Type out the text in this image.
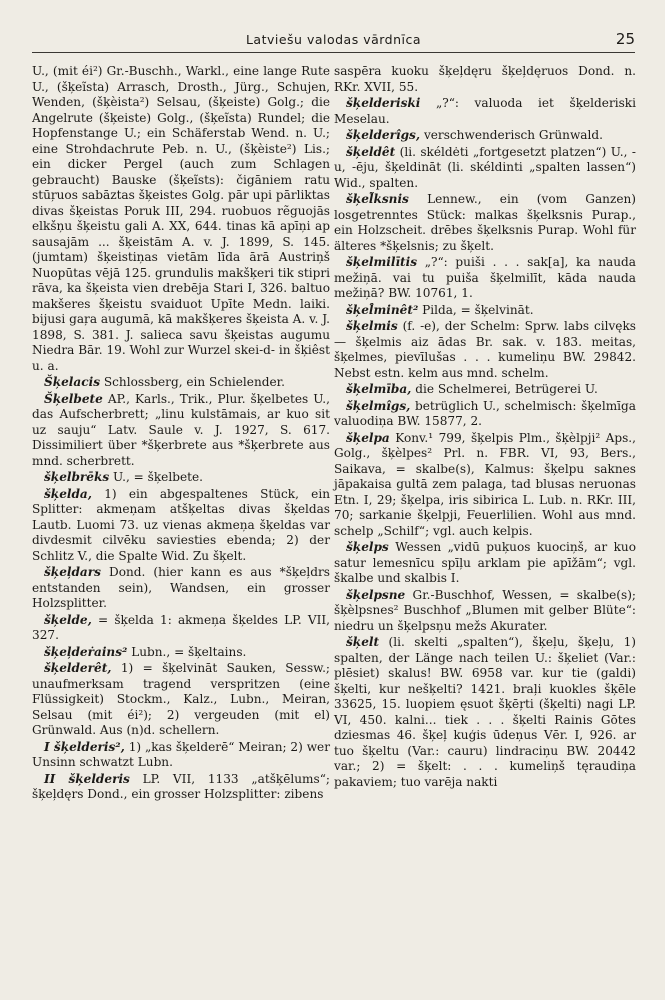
Latviešu valodas vārdnīca	25

U., (mit éi²) Gr.-Buschh., Warkl., eine lange Rute U., (šķeĩsta) Arrasch, Drosth., Jürg., Schujen, Wenden, (šķèista²) Selsau, (šķeiste) Golg.; die Angelrute (šķeiste) Golg., (šķeĩsta) Rundel; die Hopfenstange U.; ein Schäferstab Wend. n. U.; eine Strohdachrute Peb. n. U., (šķèiste²) Lis.; ein dicker Pergel (auch zum Schlagen gebraucht) Bauske (šķeĩsts): čigāniem ratu stūŗuos sabāztas šķeistes Golg. pār upi pārliktas divas šķeistas Poruk III, 294. ruobuos rẽguojās elkšņu šķeistu gali A. XX, 644. tinas kā apīņi ap sausajām ... šķeistām A. v. J. 1899, S. 145. (jumtam) šķeistiņas vietām līda ārā Austriņš Nuopūtas vējā 125. grundulis makšķeri tik stipri rāva, ka šķeista vien drebēja Stari I, 326. baltuo makšeres šķeistu svaiduot Upīte Medn. laiki. bijusi gaŗa augumā, kā makšķeres šķeista A. v. J. 1898, S. 381. J. salieca savu šķeistas augumu Niedra Bār. 19. Wohl zur Wurzel skei-d- in šķiêst u. a.

Šķelacis Schlossberg, ein Schielender.

Šķelbete AP., Karls., Trik., Plur. šķelbetes U., das Aufscherbrett; „linu kulstāmais, ar kuo sit uz sauju“ Latv. Saule v. J. 1927, S. 617. Dissimiliert über *šķerbrete aus *šķerbrete aus mnd. scherbrett.

šķelbrēks U., = šķelbete.

šķelda, 1) ein abgespaltenes Stück, ein Splitter: akmeņam atšķeltas divas šķeldas Lautb. Luomi 73. uz vienas akmeņa šķeldas var divdesmit cilvēku saviesties ebenda; 2) der Schlitz V., die Spalte Wid. Zu šķelt.

šķeļdars Dond. (hier kann es aus *šķeļdrs entstanden sein), Wandsen, ein grosser Holzsplitter.

šķelde, = šķelda 1: akmeņa šķeldes LP. VII, 327.

šķeļdeṙains² Lubn., = šķeltains.

šķelderêt, 1) = šķelvināt Sauken, Sessw.; unaufmerksam tragend verspritzen (eine Flüssigkeit) Stockm., Kalz., Lubn., Meiran, Selsau (mit éi²); 2) vergeuden (mit el) Grünwald. Aus (n)d. schellern.

I šķelderis², 1) „kas šķelderē“ Meiran; 2) wer Unsinn schwatzt Lubn.

II šķelderis LP. VII, 1133 „atšķēlums“; šķeļdęrs Dond., ein grosser Holzsplitter: zibens

saspēra kuoku šķeļdęru šķeļdęruos Dond. n. RKr. XVII, 55.

šķelderiski „?“: valuoda iet šķelderiski Meselau.

šķelderîgs, verschwenderisch Grünwald.

šķeldêt (li. skéldėti „fortgesetzt platzen“) U., -u, -ēju, šķeldināt (li. skéldinti „spalten lassen“) Wid., spalten.

šķel̃ksnis Lennew., ein (vom Ganzen) losgetrenntes Stück: malkas šķelksnis Purap., ein Holzscheit. drēbes šķelksnis Purap. Wohl für älteres *šķelsnis; zu šķelt.

šķelmilītis „?“: puiši . . . sak[a], ka nauda mežiņā. vai tu puiša šķelmilīt, kāda nauda mežiņā? BW. 10761, 1.

šķel̂minêt² Pilda, = šķelvināt.

šķelmis (f. -e), der Schelm: Sprw. labs cilvęks — šķelmis aiz ādas Br. sak. v. 183. meitas, šķelmes, pievīlušas . . . kumeliņu BW. 29842. Nebst estn. kelm aus mnd. schelm.

šķelmība, die Schelmerei, Betrügerei U.

šķelmîgs, betrüglich U., schelmisch: šķelmīga valuodiņa BW. 15877, 2.

šķelpa Konv.¹ 799, šķelpis Plm., šķèlpji² Aps., Golg., šķèlpes² Prl. n. FBR. VI, 93, Bers., Saikava, = skalbe(s), Kalmus: šķelpu saknes jāpakaisa gultā zem palaga, tad blusas neruonas Etn. I, 29; šķelpa, iris sibirica L. Lub. n. RKr. III, 70; sarkanie šķelpji, Feuerlilien. Wohl aus mnd. schelp „Schilf“; vgl. auch kelpis.

šķelps Wessen „vidū puķuos kuociņš, ar kuo satur lemesnīcu spīļu arklam pie apīžām“; vgl. škalbe und skalbis I.

šķelpsne Gr.-Buschhof, Wessen, = skalbe(s); šķèlpsnes² Buschhof „Blumen mit gelber Blüte“: niedru un šķelpsņu mežs Akurater.

šķelt (li. skelti „spalten“), šķeļu, šķeļu, 1) spalten, der Länge nach teilen U.: šķeliet (Var.: plēsiet) skalus! BW. 6958 var. kur tie (galdi) šķelti, kur nešķelti? 1421. braļi kuokles šķēle 33625, 15. luopiem ęsuot šķēŗti (šķelti) nagi LP. VI, 450. kalni... tiek . . . šķelti Rainis Gōtes dziesmas 46. šķeļ kuģis ūdeņus Vēr. I, 926. ar tuo šķeltu (Var.: cauru) lindraciņu BW. 20442 var.; 2) = šķelt: . . . kumeliņš tęraudiņa pakaviem; tuo varēja nakti
